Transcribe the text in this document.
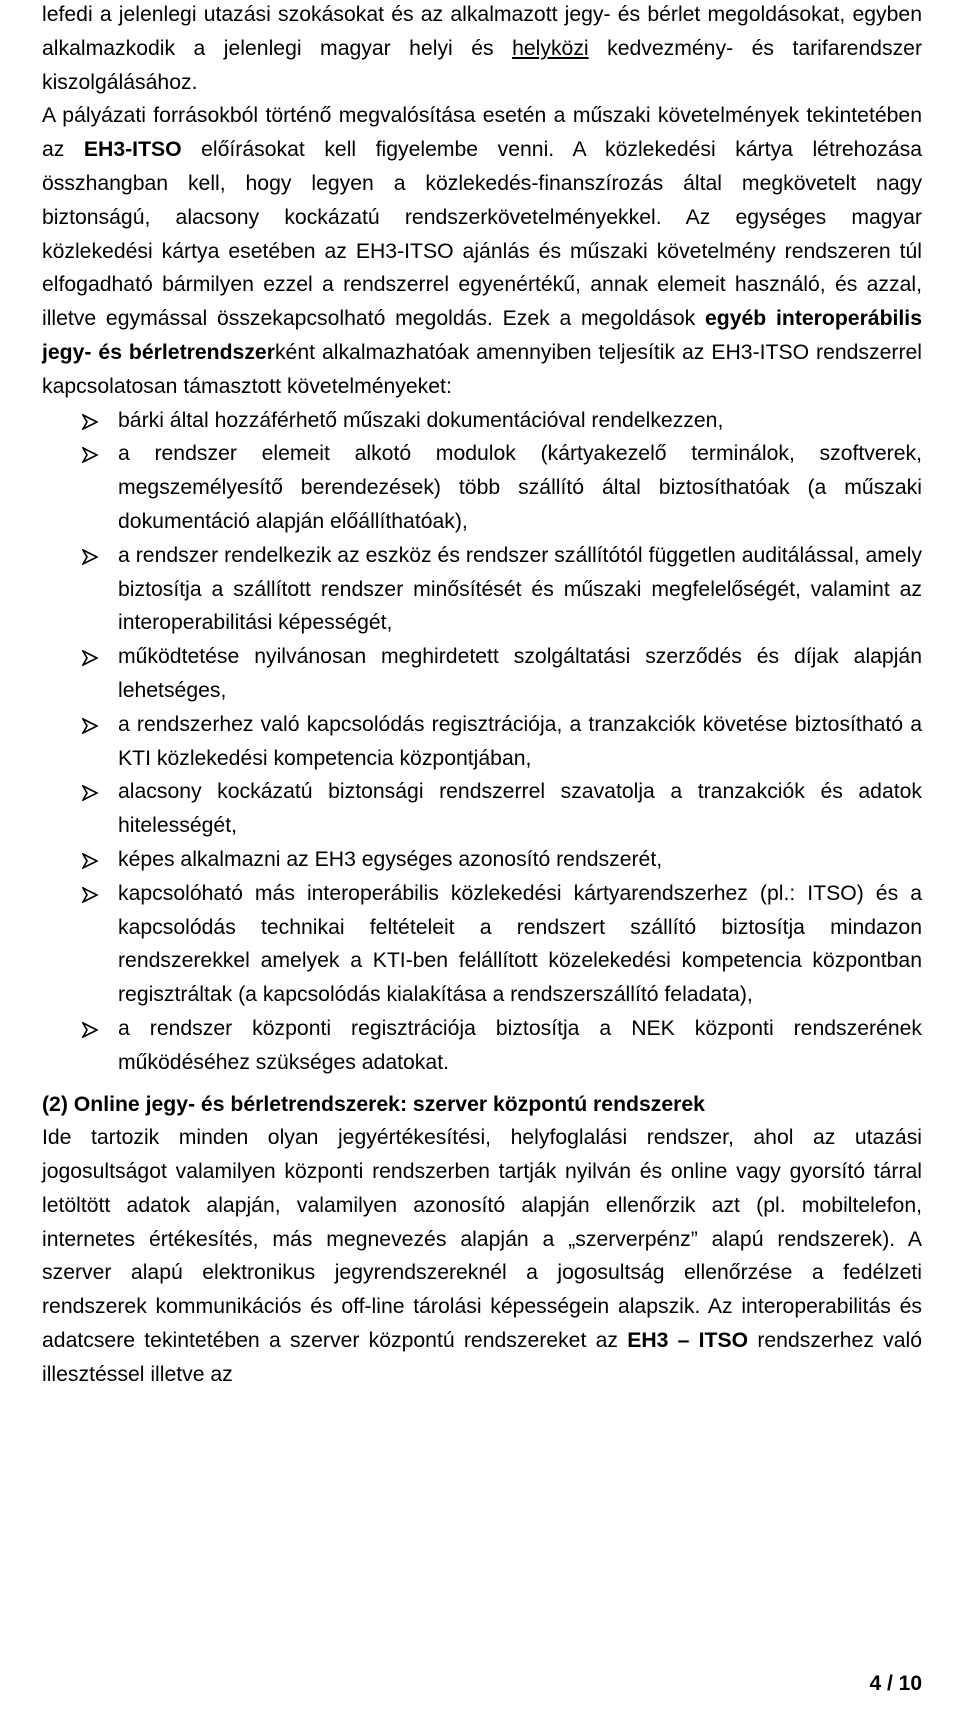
lefedi a jelenlegi utazási szokásokat és az alkalmazott jegy- és bérlet megoldásokat, egyben alkalmazkodik a jelenlegi magyar helyi és helyközi kedvezmény- és tarifarendszer kiszolgálásához.

A pályázati forrásokból történő megvalósítása esetén a műszaki követelmények tekintetében az EH3-ITSO előírásokat kell figyelembe venni. A közlekedési kártya létrehozása összhangban kell, hogy legyen a közlekedés-finanszírozás által megkövetelt nagy biztonságú, alacsony kockázatú rendszerkövetelményekkel. Az egységes magyar közlekedési kártya esetében az EH3-ITSO ajánlás és műszaki követelmény rendszeren túl elfogadható bármilyen ezzel a rendszerrel egyenértékű, annak elemeit használó, és azzal, illetve egymással összekapcsolható megoldás. Ezek a megoldások egyéb interoperábilis jegy- és bérletrendszerként alkalmazhatóak amennyiben teljesítik az EH3-ITSO rendszerrel kapcsolatosan támasztott követelményeket:

bárki által hozzáférhető műszaki dokumentációval rendelkezzen,
a rendszer elemeit alkotó modulok (kártyakezelő terminálok, szoftverek, megszemélyesítő berendezések) több szállító által biztosíthatóak (a műszaki dokumentáció alapján előállíthatóak),
a rendszer rendelkezik az eszköz és rendszer szállítótól független auditálással, amely biztosítja a szállított rendszer minősítését és műszaki megfelelőségét, valamint az interoperabilitási képességét,
működtetése nyilvánosan meghirdetett szolgáltatási szerződés és díjak alapján lehetséges,
a rendszerhez való kapcsolódás regisztrációja, a tranzakciók követése biztosítható a KTI közlekedési kompetencia központjában,
alacsony kockázatú biztonsági rendszerrel szavatolja a tranzakciók és adatok hitelességét,
képes alkalmazni az EH3 egységes azonosító rendszerét,
kapcsolóható más interoperábilis közlekedési kártyarendszerhez (pl.: ITSO) és a kapcsolódás technikai feltételeit a rendszert szállító biztosítja mindazon rendszerekkel amelyek a KTI-ben felállított közelekedési kompetencia központban regisztráltak (a kapcsolódás kialakítása a rendszerszállító feladata),
a rendszer központi regisztrációja biztosítja a NEK központi rendszerének működéséhez szükséges adatokat.
(2) Online jegy- és bérletrendszerek: szerver központú rendszerek

Ide tartozik minden olyan jegyértékesítési, helyfoglalási rendszer, ahol az utazási jogosultságot valamilyen központi rendszerben tartják nyilván és online vagy gyorsító tárral letöltött adatok alapján, valamilyen azonosító alapján ellenőrzik azt (pl. mobiltelefon, internetes értékesítés, más megnevezés alapján a „szerverpénz” alapú rendszerek). A szerver alapú elektronikus jegyrendszereknél a jogosultság ellenőrzése a fedélzeti rendszerek kommunikációs és off-line tárolási képességein alapszik. Az interoperabilitás és adatcsere tekintetében a szerver központú rendszereket az EH3 – ITSO rendszerhez való illesztéssel illetve az

4 / 10
